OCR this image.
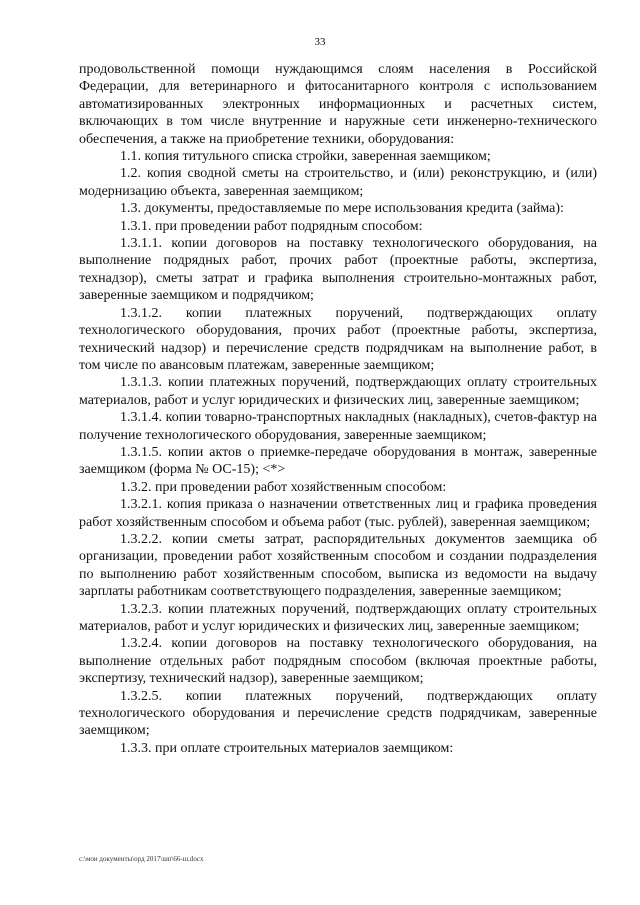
33

продовольственной помощи нуждающимся слоям населения в Российской Федерации, для ветеринарного и фитосанитарного контроля с использованием автоматизированных электронных информационных и расчетных систем, включающих в том числе внутренние и наружные сети инженерно-технического обеспечения, а также на приобретение техники, оборудования:

1.1. копия титульного списка стройки, заверенная заемщиком;

1.2. копия сводной сметы на строительство, и (или) реконструкцию, и (или) модернизацию объекта, заверенная заемщиком;

1.3. документы, предоставляемые по мере использования кредита (займа):

1.3.1. при проведении работ подрядным способом:

1.3.1.1. копии договоров на поставку технологического оборудования, на выполнение подрядных работ, прочих работ (проектные работы, экспертиза, технадзор), сметы затрат и графика выполнения строительно-монтажных работ, заверенные заемщиком и подрядчиком;

1.3.1.2. копии платежных поручений, подтверждающих оплату технологического оборудования, прочих работ (проектные работы, экспертиза, технический надзор) и перечисление средств подрядчикам на выполнение работ, в том числе по авансовым платежам, заверенные заемщиком;

1.3.1.3. копии платежных поручений, подтверждающих оплату строительных материалов, работ и услуг юридических и физических лиц, заверенные заемщиком;

1.3.1.4. копии товарно-транспортных накладных (накладных), счетов-фактур на получение технологического оборудования, заверенные заемщиком;

1.3.1.5. копии актов о приемке-передаче оборудования в монтаж, заверенные заемщиком (форма № ОС-15); <*>

1.3.2. при проведении работ хозяйственным способом:

1.3.2.1. копия приказа о назначении ответственных лиц и графика проведения работ хозяйственным способом и объема работ (тыс. рублей), заверенная заемщиком;

1.3.2.2. копии сметы затрат, распорядительных документов заемщика об организации, проведении работ хозяйственным способом и создании подразделения по выполнению работ хозяйственным способом, выписка из ведомости на выдачу зарплаты работникам соответствующего подразделения, заверенные заемщиком;

1.3.2.3. копии платежных поручений, подтверждающих оплату строительных материалов, работ и услуг юридических и физических лиц, заверенные заемщиком;

1.3.2.4. копии договоров на поставку технологического оборудования, на выполнение отдельных работ подрядным способом (включая проектные работы, экспертизу, технический надзор), заверенные заемщиком;

1.3.2.5. копии платежных поручений, подтверждающих оплату технологического оборудования и перечисление средств подрядчикам, заверенные заемщиком;

1.3.3. при оплате строительных материалов заемщиком:

c:\мои документы\орд 2017\шп\66-ш.docx
